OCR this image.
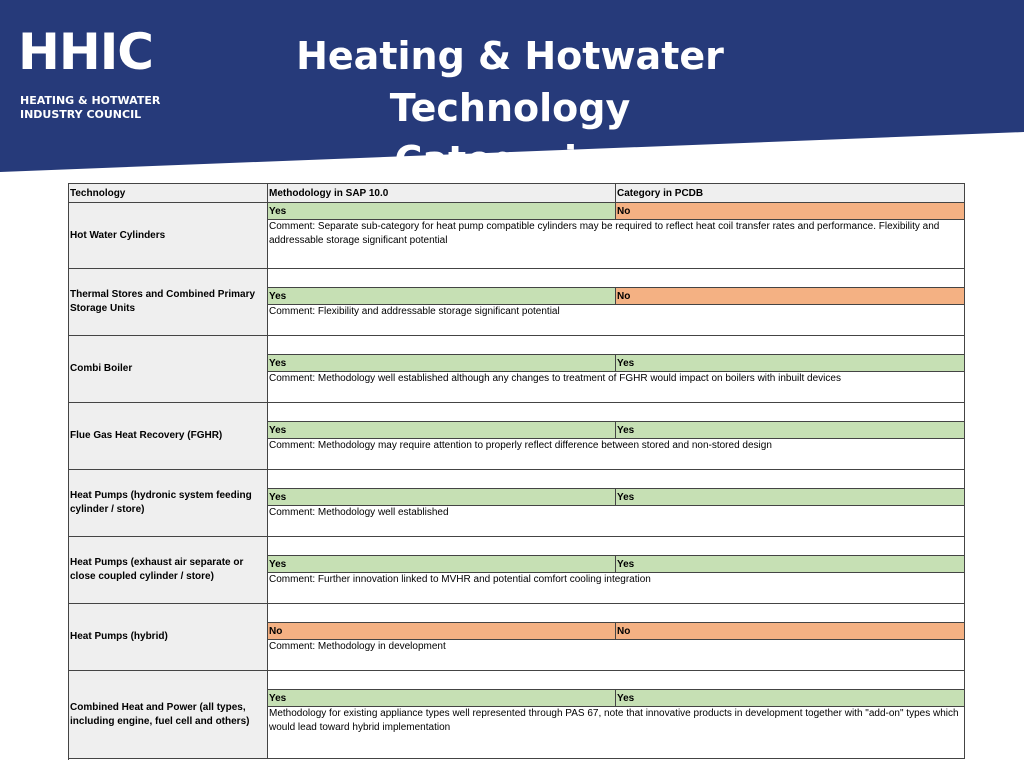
HHIC
HEATING & HOTWATER
INDUSTRY COUNCIL
Heating & Hotwater Technology
Categories
Technology	Methodology in SAP 10.0	Category in PCDB
Hot Water Cylinders	Yes	No
	Comment: Separate sub-category for heat pump compatible cylinders may be required to reflect heat coil transfer rates and performance. Flexibility and addressable storage significant potential	

Thermal Stores and Combined Primary Storage Units		
	Yes	No
	Comment: Flexibility and addressable storage significant potential	

Combi Boiler		
	Yes	Yes
	Comment: Methodology well established although any changes to treatment of FGHR would impact on boilers with inbuilt devices	

Flue Gas Heat Recovery (FGHR)		
	Yes	Yes
	Comment: Methodology may require attention to properly reflect difference between stored and non-stored design	

Heat Pumps (hydronic system feeding cylinder / store)		
	Yes	Yes
	Comment: Methodology well established	

Heat Pumps (exhaust air separate or close coupled cylinder / store)		
	Yes	Yes
	Comment: Further innovation linked to MVHR and potential comfort cooling integration	

Heat Pumps (hybrid)		
	No	No
	Comment: Methodology in development	

Combined Heat and Power (all types, including engine, fuel cell and others)		
	Yes	Yes
	Methodology for existing appliance types well represented through PAS 67, note that innovative products in development together with "add-on" types which would lead toward hybrid implementation	
